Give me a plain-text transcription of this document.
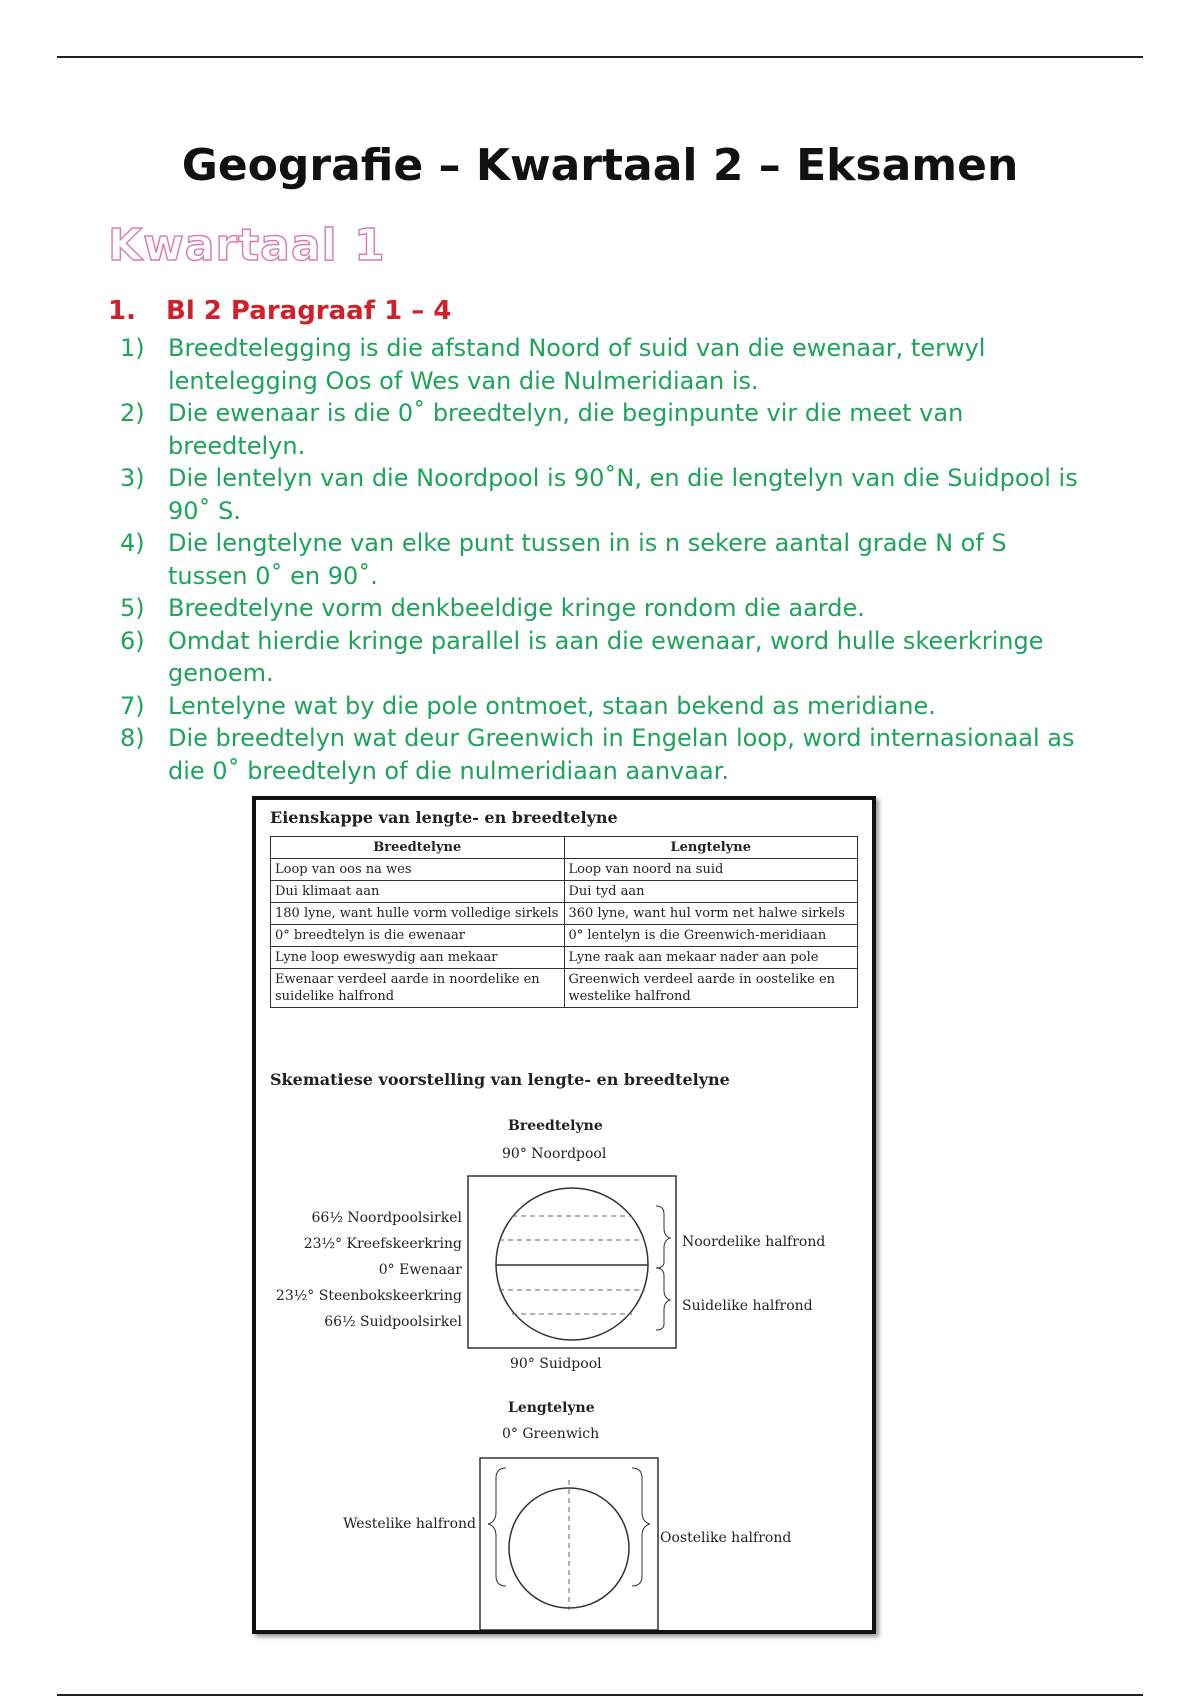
Geografie – Kwartaal 2 – Eksamen
Kwartaal 1
1. Bl 2 Paragraaf 1 – 4
1) Breedtelegging is die afstand Noord of suid van die ewenaar, terwyl lentelegging Oos of Wes van die Nulmeridiaan is.
2) Die ewenaar is die 0˚ breedtelyn, die beginpunte vir die meet van breedtelyn.
3) Die lentelyn van die Noordpool is 90˚N, en die lengtelyn van die Suidpool is 90˚ S.
4) Die lengtelyne van elke punt tussen in is n sekere aantal grade N of S tussen 0˚ en 90˚.
5) Breedtelyne vorm denkbeeldige kringe rondom die aarde.
6) Omdat hierdie kringe parallel is aan die ewenaar, word hulle skeerkringe genoem.
7) Lentelyne wat by die pole ontmoet, staan bekend as meridiane.
8) Die breedtelyn wat deur Greenwich in Engelan loop, word internasionaal as die 0˚ breedtelyn of die nulmeridiaan aanvaar.

Eienskappe van lengte- en breedtelyne

Breedtelyne	Lengtelyne
Loop van oos na wes	Loop van noord na suid
Dui klimaat aan	Dui tyd aan
180 lyne, want hulle vorm volledige sirkels	360 lyne, want hul vorm net halwe sirkels
0° breedtelyn is die ewenaar	0° lentelyn is die Greenwich-meridiaan
Lyne loop eweswydig aan mekaar	Lyne raak aan mekaar nader aan pole
Ewenaar verdeel aarde in noordelike en suidelike halfrond	Greenwich verdeel aarde in oostelike en westelike halfrond

Skematiese voorstelling van lengte- en breedtelyne

Breedtelyne
90° Noordpool
66½ Noordpoolsirkel
23½° Kreefskeerkring
0° Ewenaar
23½° Steenbokskeerkring
66½ Suidpoolsirkel
Noordelike halfrond
Suidelike halfrond
90° Suidpool
Lengtelyne
0° Greenwich
Westelike halfrond
Oostelike halfrond
